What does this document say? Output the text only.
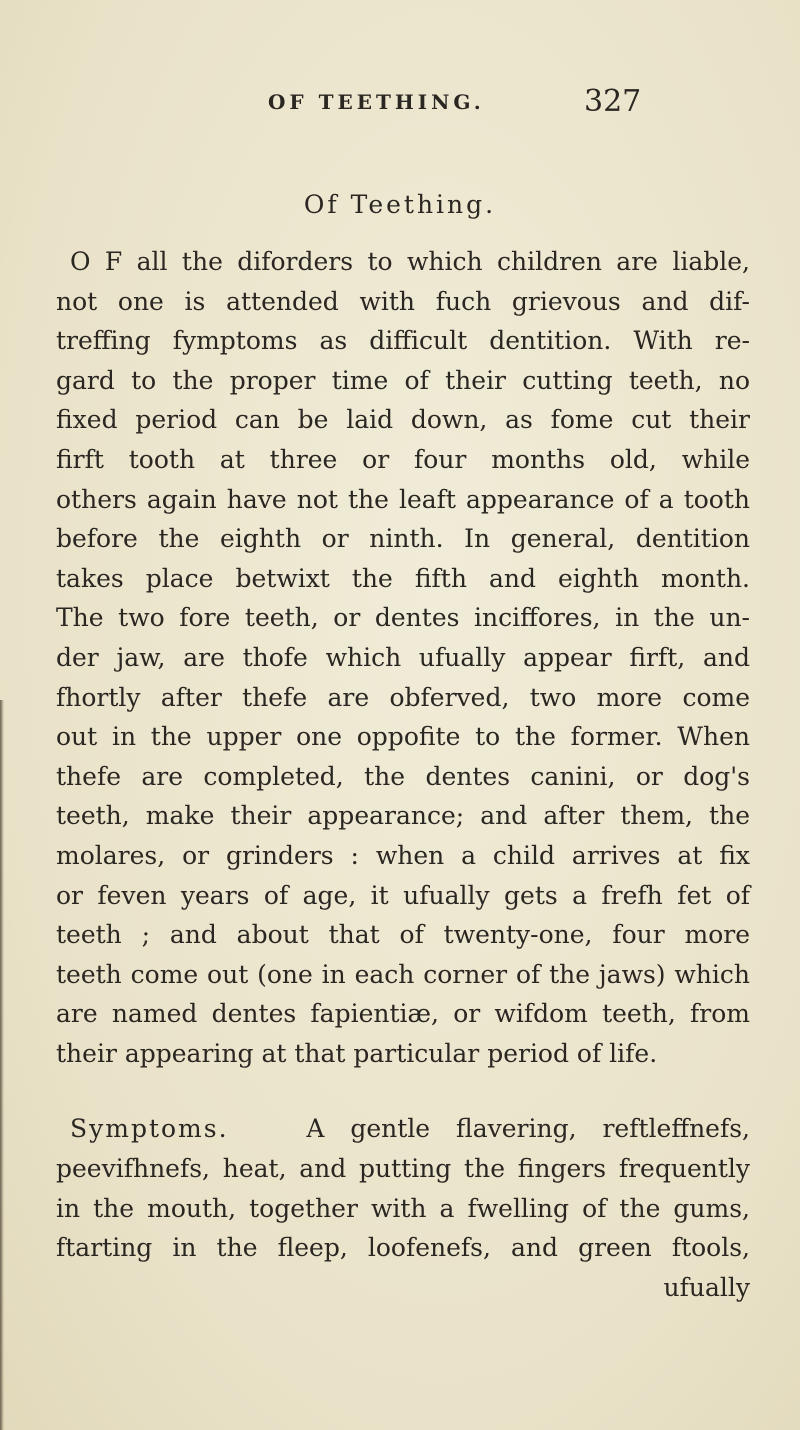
OF TEETHING.	327
Of Teething.
O F all the diforders to which children are liable,
not one is attended with fuch grievous and dif-
treffing fymptoms as difficult dentition. With re-
gard to the proper time of their cutting teeth, no
fixed period can be laid down, as fome cut their
firft tooth at three or four months old, while
others again have not the leaft appearance of a tooth
before the eighth or ninth. In general, dentition
takes place betwixt the fifth and eighth month.
The two fore teeth, or dentes inciffores, in the un-
der jaw, are thofe which ufually appear firft, and
fhortly after thefe are obferved, two more come
out in the upper one oppofite to the former. When
thefe are completed, the dentes canini, or dog's
teeth, make their appearance; and after them, the
molares, or grinders : when a child arrives at fix
or feven years of age, it ufually gets a frefh fet of
teeth ; and about that of twenty-one, four more
teeth come out (one in each corner of the jaws) which
are named dentes fapientiæ, or wifdom teeth, from
their appearing at that particular period of life.
Symptoms.	A gentle flavering, reftleffnefs,
peevifhnefs, heat, and putting the fingers frequently
in the mouth, together with a fwelling of the gums,
ftarting in the fleep, loofenefs, and green ftools,
ufually
